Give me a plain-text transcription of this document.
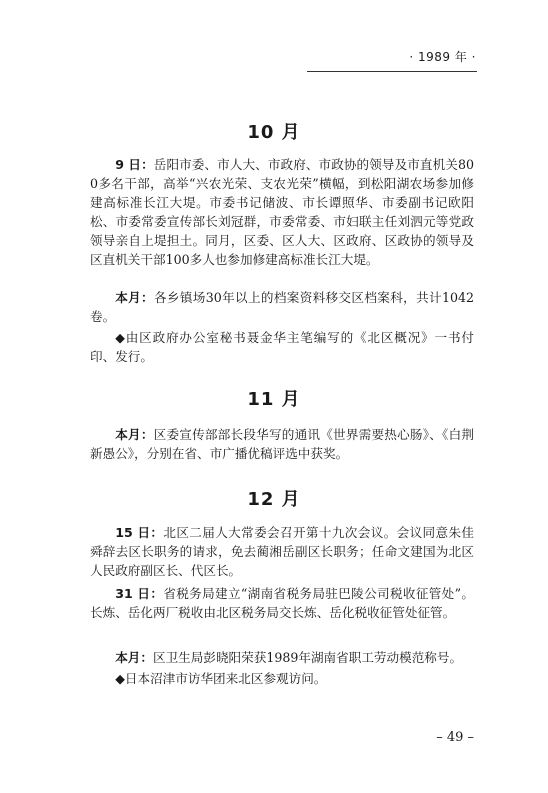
· 1989 年 ·
10 月
9 日：岳阳市委、市人大、市政府、市政协的领导及市直机关800多名干部，高举“兴农光荣、支农光荣”横幅，到松阳湖农场参加修建高标准长江大堤。市委书记储波、市长谭照华、市委副书记欧阳松、市委常委宣传部长刘冠群，市委常委、市妇联主任刘泗元等党政领导亲自上堤担土。同月，区委、区人大、区政府、区政协的领导及区直机关干部100多人也参加修建高标准长江大堤。
本月：各乡镇场30年以上的档案资料移交区档案科，共计1042卷。
◆由区政府办公室秘书聂金华主笔编写的《北区概况》一书付印、发行。
11 月
本月：区委宣传部部长段华写的通讯《世界需要热心肠》、《白荆新愚公》，分别在省、市广播优稿评选中获奖。
12 月
15 日：北区二届人大常委会召开第十九次会议。会议同意朱佳舜辞去区长职务的请求，免去蔺湘岳副区长职务；任命文建国为北区人民政府副区长、代区长。
31 日：省税务局建立“湖南省税务局驻巴陵公司税收征管处”。长炼、岳化两厂税收由北区税务局交长炼、岳化税收征管处征管。
本月：区卫生局彭晓阳荣获1989年湖南省职工劳动模范称号。
◆日本沼津市访华团来北区参观访问。
– 49 –
